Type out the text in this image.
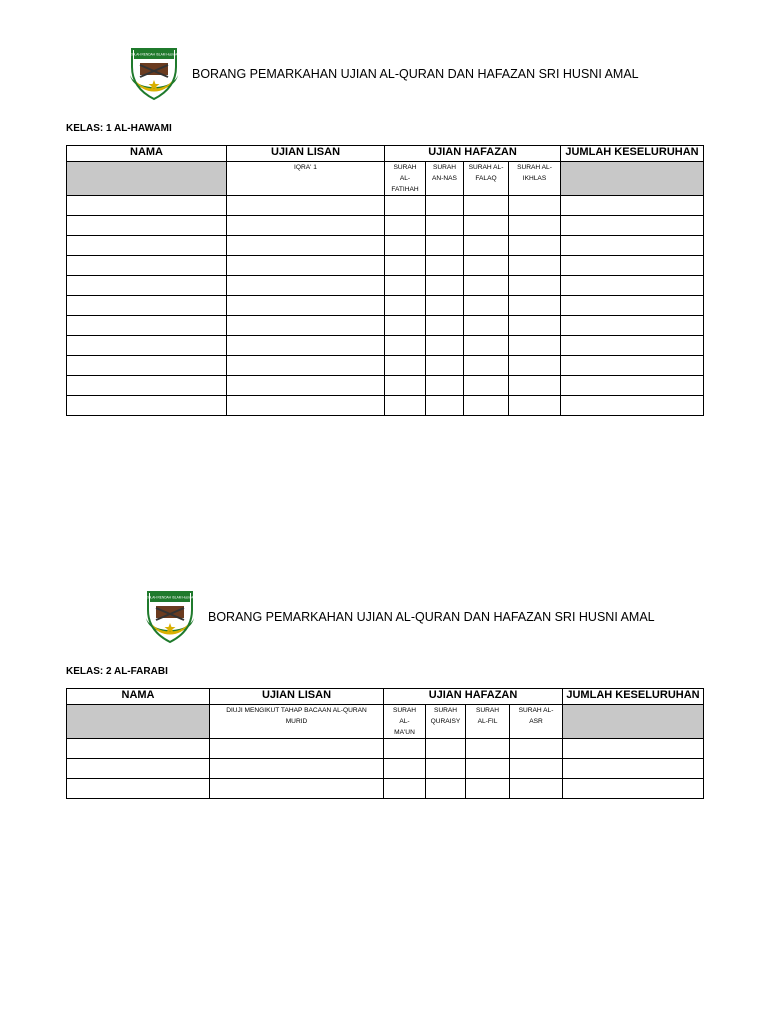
SEKOLAH RENDAH ISLAM Husni Amal
BORANG PEMARKAHAN UJIAN AL-QURAN DAN HAFAZAN SRI HUSNI AMAL
KELAS: 1 AL-HAWAMI
NAMA	UJIAN LISAN	UJIAN HAFAZAN				JUMLAH KESELURUHAN

	IQRA' 1	SURAH AL-FATIHAH	SURAH AN-NAS	SURAH AL-FALAQ	SURAH AL-IKHLAS	

SEKOLAH RENDAH ISLAM Husni Amal
BORANG PEMARKAHAN UJIAN AL-QURAN DAN HAFAZAN SRI HUSNI AMAL
KELAS: 2 AL-FARABI
NAMA	UJIAN LISAN	UJIAN HAFAZAN				JUMLAH KESELURUHAN

	DIUJI MENGIKUT TAHAP BACAAN AL-QURAN MURID	SURAH AL-MA'UN	SURAH QURAISY	SURAH AL-FIL	SURAH AL-ASR	
